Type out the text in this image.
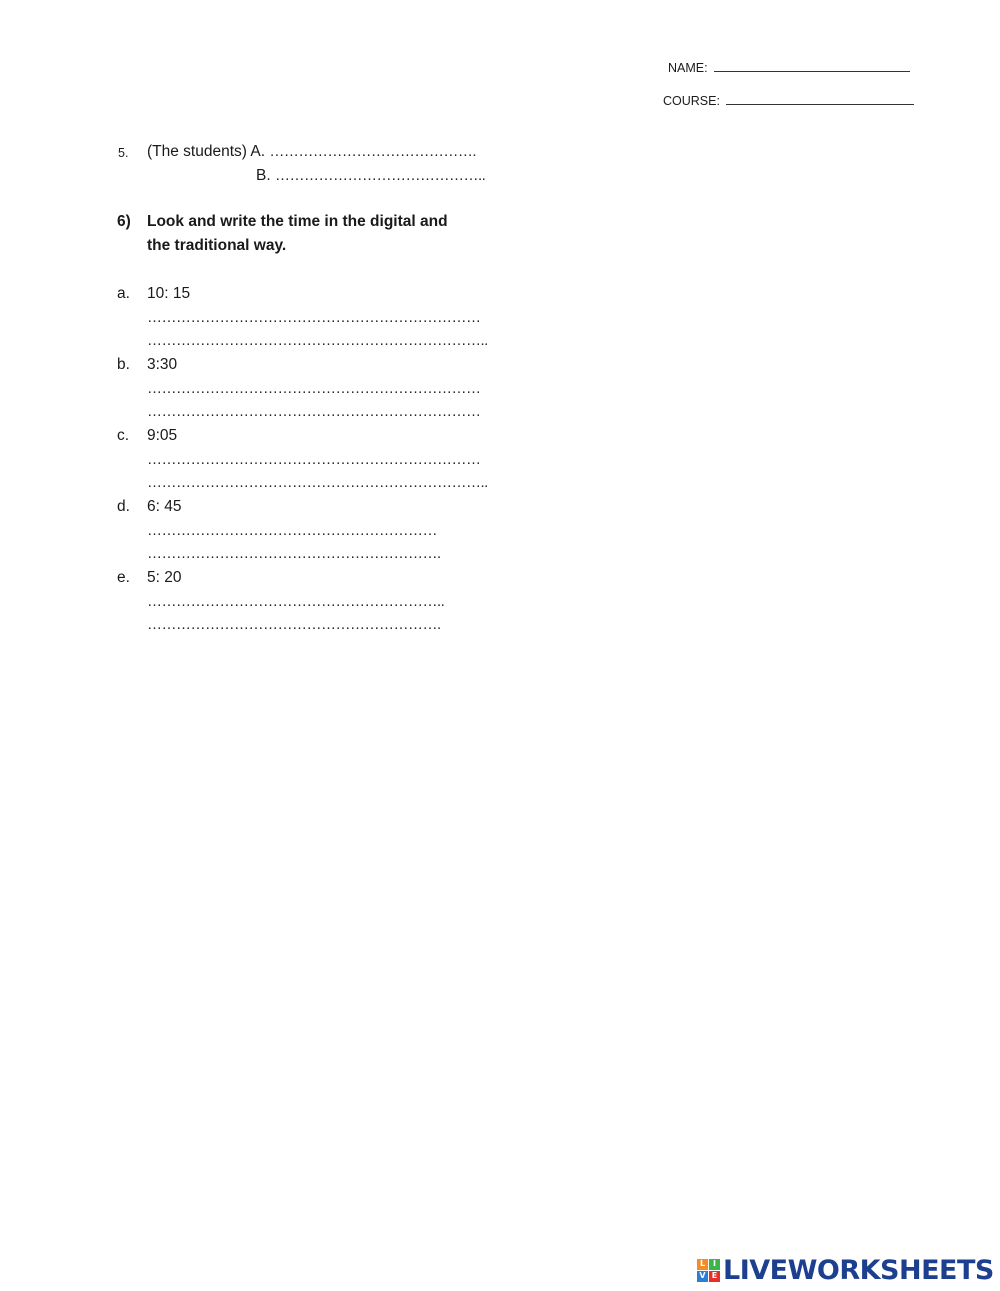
NAME:
COURSE:
5. (The students) A. …………………………………….
B. ……………………………………..
6) Look and write the time in the digital and
the traditional way.
a. 10: 15
……………………………………………………………
……………………………………………………………..
b. 3:30
……………………………………………………………
……………………………………………………………
c. 9:05
……………………………………………………………
……………………………………………………………..
d. 6: 45
……………………………………………………
…………………………………………………….
e. 5: 20
……………………………………………………..
…………………………………………………….
L I
V E LIVEWORKSHEETS
